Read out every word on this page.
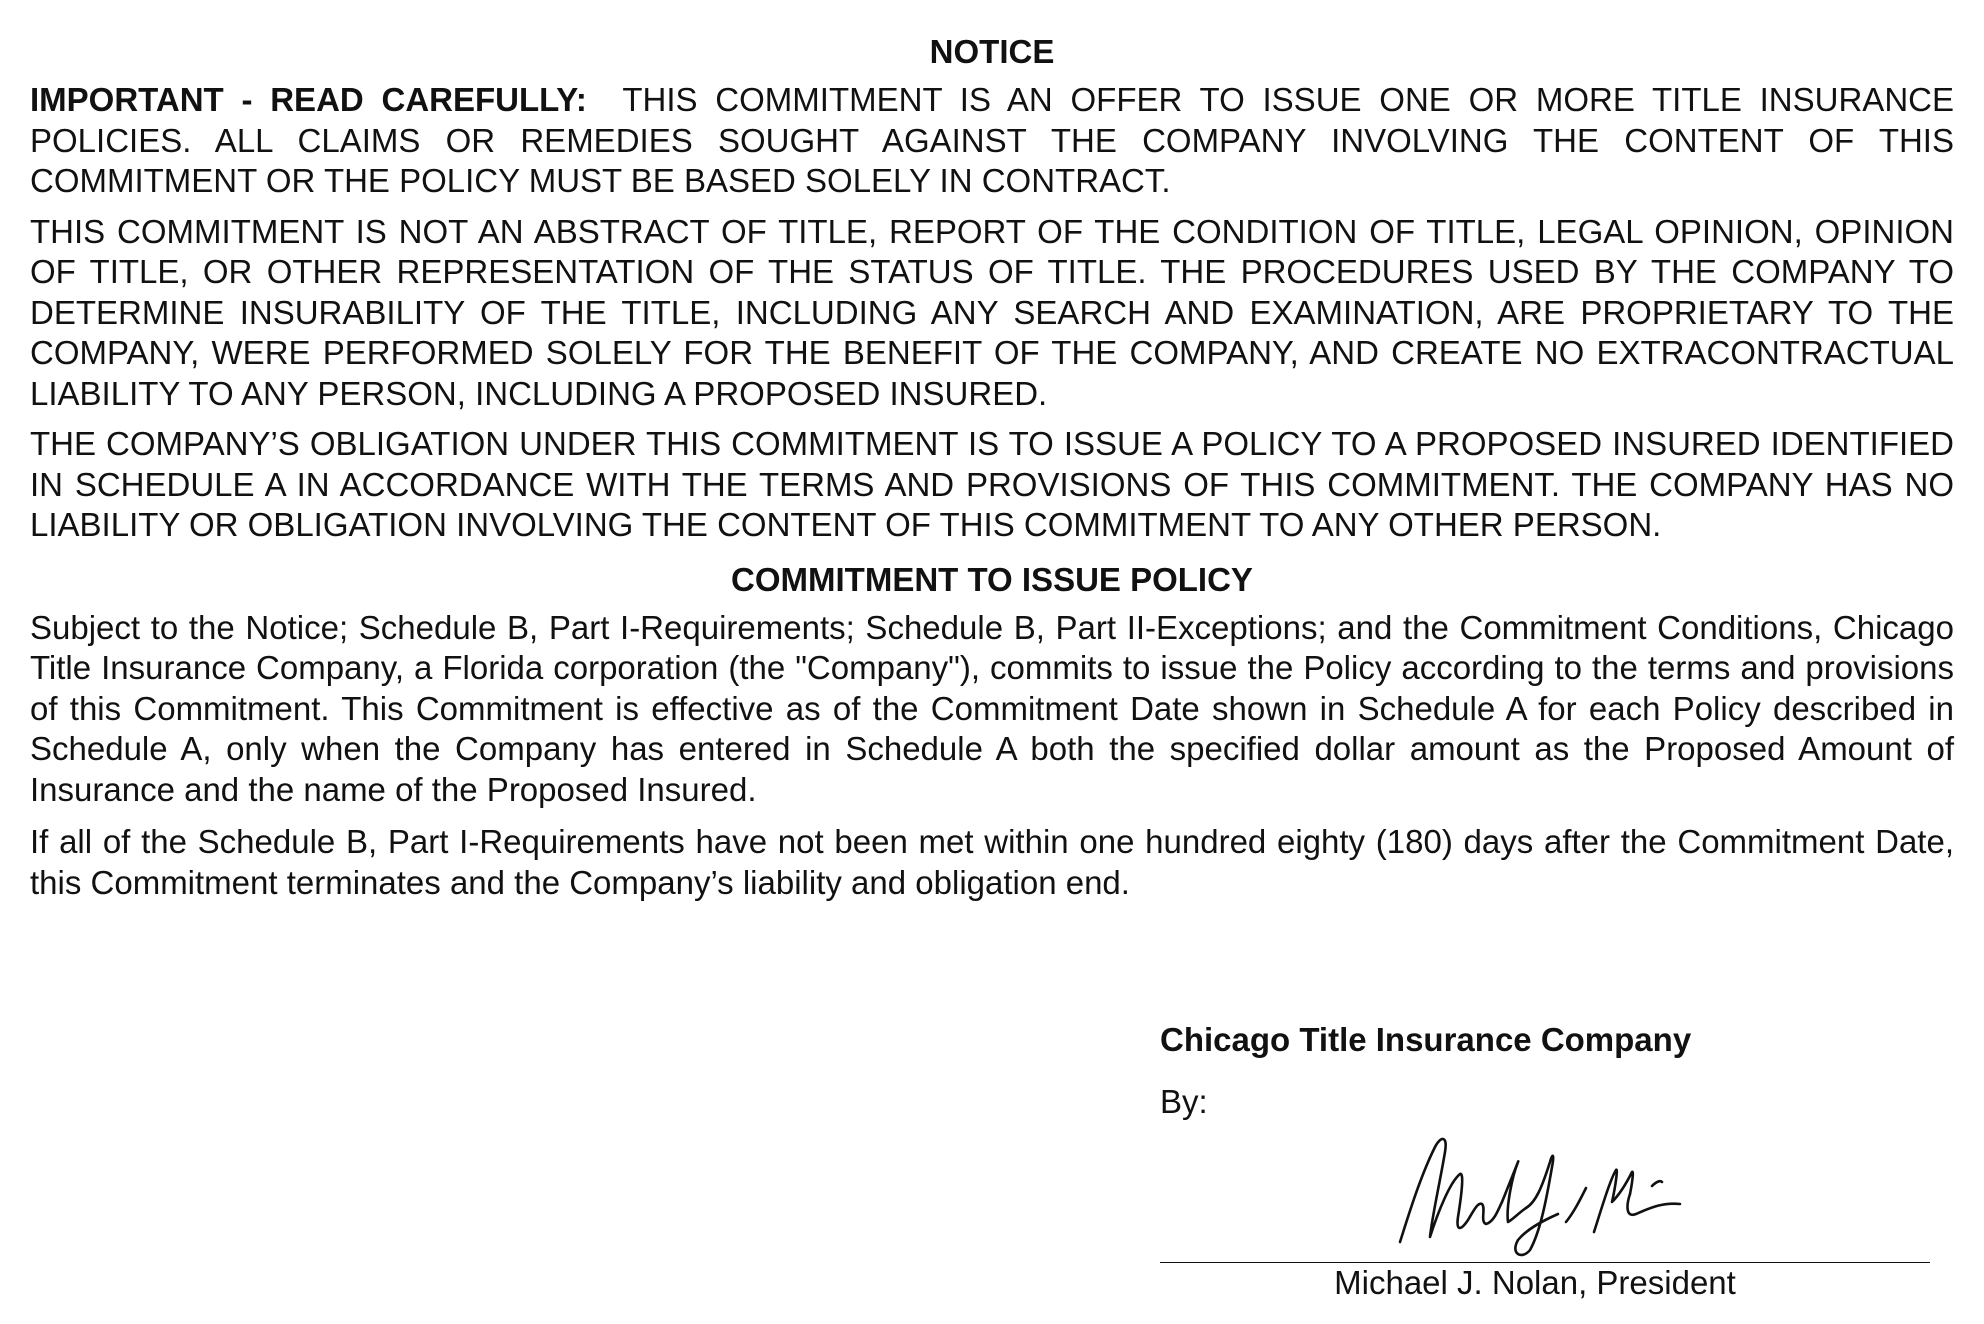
NOTICE

IMPORTANT - READ CAREFULLY: THIS COMMITMENT IS AN OFFER TO ISSUE ONE OR MORE TITLE INSURANCE POLICIES. ALL CLAIMS OR REMEDIES SOUGHT AGAINST THE COMPANY INVOLVING THE CONTENT OF THIS COMMITMENT OR THE POLICY MUST BE BASED SOLELY IN CONTRACT.

THIS COMMITMENT IS NOT AN ABSTRACT OF TITLE, REPORT OF THE CONDITION OF TITLE, LEGAL OPINION, OPINION OF TITLE, OR OTHER REPRESENTATION OF THE STATUS OF TITLE. THE PROCEDURES USED BY THE COMPANY TO DETERMINE INSURABILITY OF THE TITLE, INCLUDING ANY SEARCH AND EXAMINATION, ARE PROPRIETARY TO THE COMPANY, WERE PERFORMED SOLELY FOR THE BENEFIT OF THE COMPANY, AND CREATE NO EXTRACONTRACTUAL LIABILITY TO ANY PERSON, INCLUDING A PROPOSED INSURED.

THE COMPANY’S OBLIGATION UNDER THIS COMMITMENT IS TO ISSUE A POLICY TO A PROPOSED INSURED IDENTIFIED IN SCHEDULE A IN ACCORDANCE WITH THE TERMS AND PROVISIONS OF THIS COMMITMENT. THE COMPANY HAS NO LIABILITY OR OBLIGATION INVOLVING THE CONTENT OF THIS COMMITMENT TO ANY OTHER PERSON.

COMMITMENT TO ISSUE POLICY

Subject to the Notice; Schedule B, Part I-Requirements; Schedule B, Part II-Exceptions; and the Commitment Conditions, Chicago Title Insurance Company, a Florida corporation (the "Company"), commits to issue the Policy according to the terms and provisions of this Commitment. This Commitment is effective as of the Commitment Date shown in Schedule A for each Policy described in Schedule A, only when the Company has entered in Schedule A both the specified dollar amount as the Proposed Amount of Insurance and the name of the Proposed Insured.

If all of the Schedule B, Part I-Requirements have not been met within one hundred eighty (180) days after the Commitment Date, this Commitment terminates and the Company’s liability and obligation end.

Chicago Title Insurance Company

By:

Michael J. Nolan, President
